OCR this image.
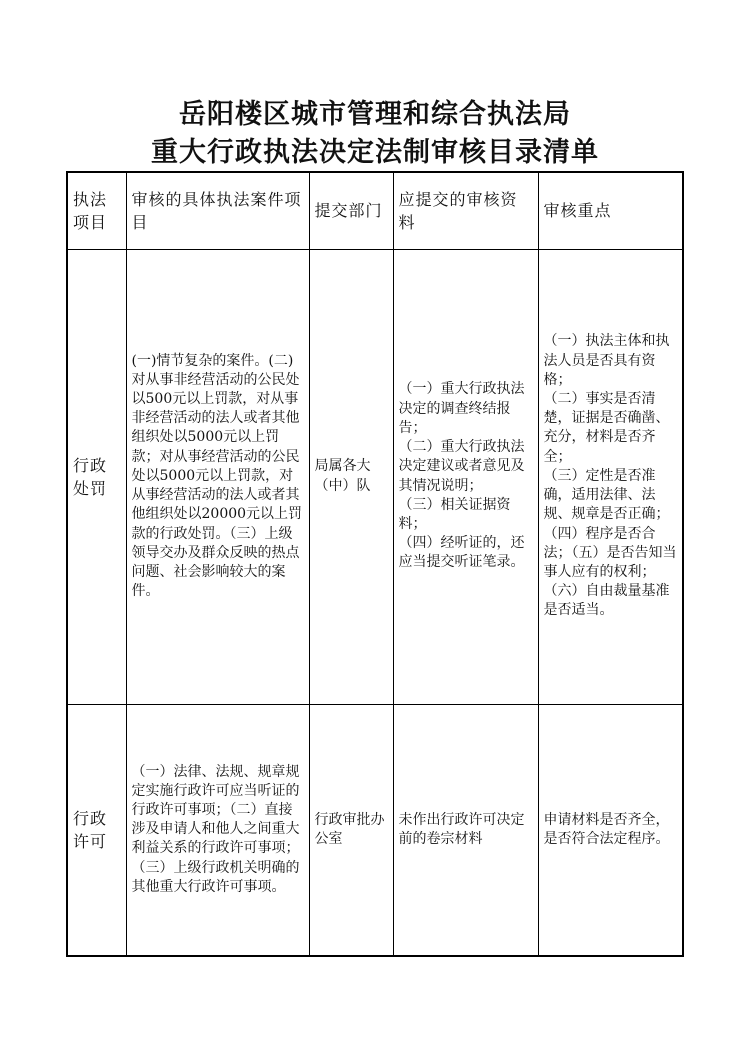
岳阳楼区城市管理和综合执法局
重大行政执法决定法制审核目录清单
执法项目	审核的具体执法案件项目	提交部门	应提交的审核资料	审核重点
行政处罚	(一)情节复杂的案件。(二)对从事非经营活动的公民处以500元以上罚款，对从事非经营活动的法人或者其他组织处以5000元以上罚款；对从事经营活动的公民处以5000元以上罚款，对从事经营活动的法人或者其他组织处以20000元以上罚款的行政处罚。（三）上级领导交办及群众反映的热点问题、社会影响较大的案件。	局属各大（中）队	（一）重大行政执法决定的调查终结报告；
（二）重大行政执法决定建议或者意见及其情况说明；
（三）相关证据资料；
（四）经听证的，还应当提交听证笔录。	（一）执法主体和执法人员是否具有资格；
（二）事实是否清楚，证据是否确凿、充分，材料是否齐全；
（三）定性是否准确，适用法律、法规、规章是否正确；
（四）程序是否合法；（五）是否告知当事人应有的权利；
（六）自由裁量基准是否适当。
行政许可	（一）法律、法规、规章规定实施行政许可应当听证的行政许可事项；（二）直接涉及申请人和他人之间重大利益关系的行政许可事项；（三）上级行政机关明确的其他重大行政许可事项。	行政审批办公室	未作出行政许可决定前的卷宗材料	申请材料是否齐全，是否符合法定程序。
